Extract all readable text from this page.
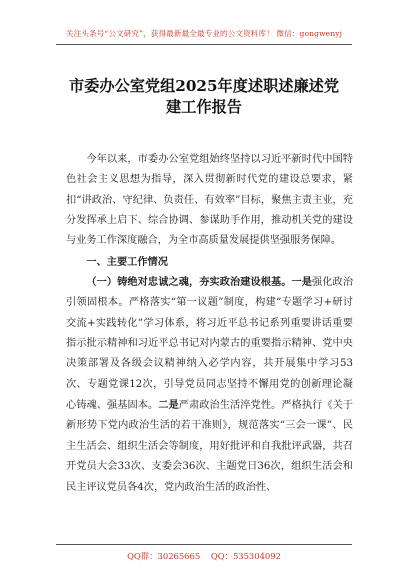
关注头条号“公文研究”，获得最新最全最专业的公文资料库！ 微信：gongwenyj
市委办公室党组2025年度述职述廉述党
建工作报告

今年以来，市委办公室党组始终坚持以习近平新时代中国特色社会主义思想为指导，深入贯彻新时代党的建设总要求，紧扣“讲政治、守纪律、负责任、有效率”目标，聚焦主责主业，充分发挥承上启下、综合协调、参谋助手作用，推动机关党的建设与业务工作深度融合，为全市高质量发展提供坚强服务保障。

一、主要工作情况

（一）铸绝对忠诚之魂，夯实政治建设根基。一是强化政治引领固根本。严格落实“第一议题”制度，构建“专题学习+研讨交流+实践转化”学习体系，将习近平总书记系列重要讲话重要指示批示精神和习近平总书记对内蒙古的重要指示精神、党中央决策部署及各级会议精神纳入必学内容，共开展集中学习53次、专题党课12次，引导党员同志坚持不懈用党的创新理论凝心铸魂、强基固本。二是严肃政治生活淬党性。严格执行《关于新形势下党内政治生活的若干准则》，规范落实“三会一课”、民主生活会、组织生活会等制度，用好批评和自我批评武器，共召开党员大会33次、支委会36次、主题党日36次，组织生活会和民主评议党员各4次，党内政治生活的政治性、

QQ群：30265665 QQ：535304092
